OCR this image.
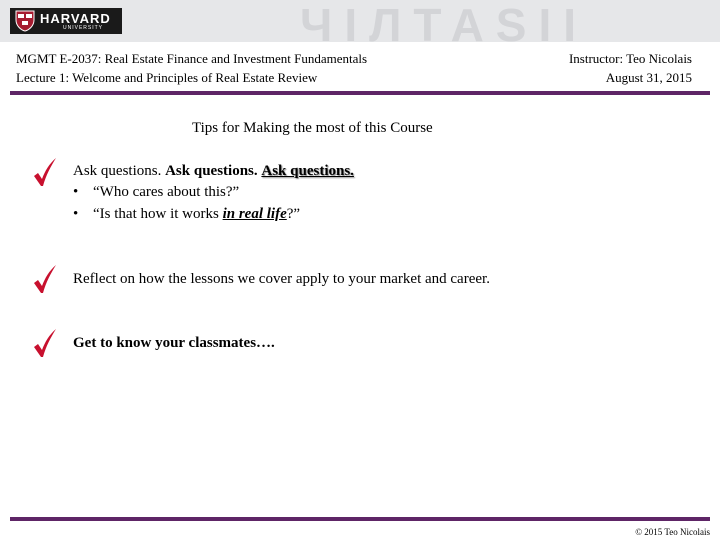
ЧІЛТАЅІІ
HARVARD
UNIVERSITY
MGMT E-2037: Real Estate Finance and Investment Fundamentals
Lecture 1: Welcome and Principles of Real Estate Review
Instructor: Teo Nicolais
August 31, 2015
Tips for Making the most of this Course
Ask questions. Ask questions. Ask questions.
• “Who cares about this?”
• “Is that how it works in real life?”
Reflect on how the lessons we cover apply to your market and career.
Get to know your classmates….
© 2015 Teo Nicolais
